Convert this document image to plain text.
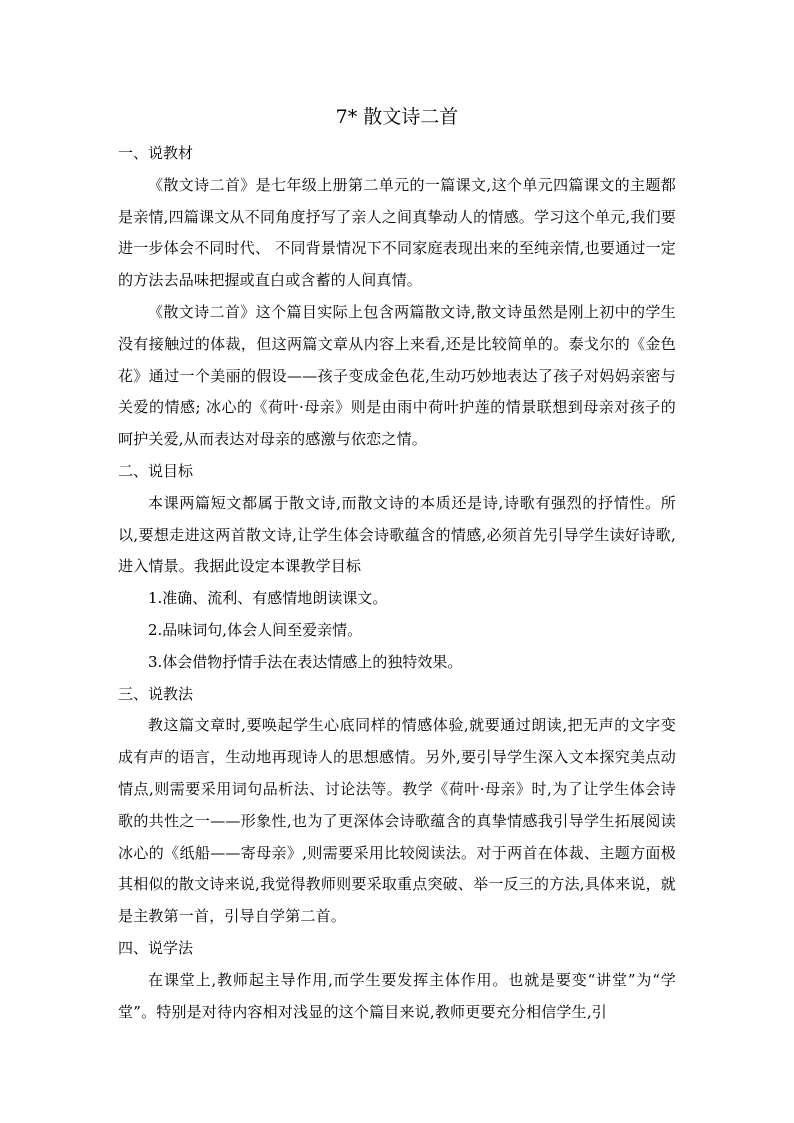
7* 散文诗二首
一、说教材

《散文诗二首》是七年级上册第二单元的一篇课文,这个单元四篇课文的主题都是亲情,四篇课文从不同角度抒写了亲人之间真挚动人的情感。学习这个单元,我们要进一步体会不同时代、 不同背景情况下不同家庭表现出来的至纯亲情,也要通过一定的方法去品味把握或直白或含蓄的人间真情。

《散文诗二首》这个篇目实际上包含两篇散文诗,散文诗虽然是刚上初中的学生没有接触过的体裁，但这两篇文章从内容上来看,还是比较简单的。泰戈尔的《金色花》通过一个美丽的假设——孩子变成金色花,生动巧妙地表达了孩子对妈妈亲密与关爱的情感; 冰心的《荷叶·母亲》则是由雨中荷叶护莲的情景联想到母亲对孩子的呵护关爱,从而表达对母亲的感激与依恋之情。

二、说目标

本课两篇短文都属于散文诗,而散文诗的本质还是诗,诗歌有强烈的抒情性。所以,要想走进这两首散文诗,让学生体会诗歌蕴含的情感,必须首先引导学生读好诗歌,进入情景。我据此设定本课教学目标

1.准确、流利、有感情地朗读课文。

2.品味词句,体会人间至爱亲情。

3.体会借物抒情手法在表达情感上的独特效果。

三、说教法

教这篇文章时,要唤起学生心底同样的情感体验,就要通过朗读,把无声的文字变成有声的语言，生动地再现诗人的思想感情。另外,要引导学生深入文本探究美点动情点,则需要采用词句品析法、讨论法等。教学《荷叶·母亲》时,为了让学生体会诗歌的共性之一——形象性,也为了更深体会诗歌蕴含的真挚情感我引导学生拓展阅读冰心的《纸船——寄母亲》,则需要采用比较阅读法。对于两首在体裁、主题方面极其相似的散文诗来说,我觉得教师则要采取重点突破、举一反三的方法,具体来说，就是主教第一首，引导自学第二首。

四、说学法

在课堂上,教师起主导作用,而学生要发挥主体作用。也就是要变“讲堂”为“学堂”。特别是对待内容相对浅显的这个篇目来说,教师更要充分相信学生,引
